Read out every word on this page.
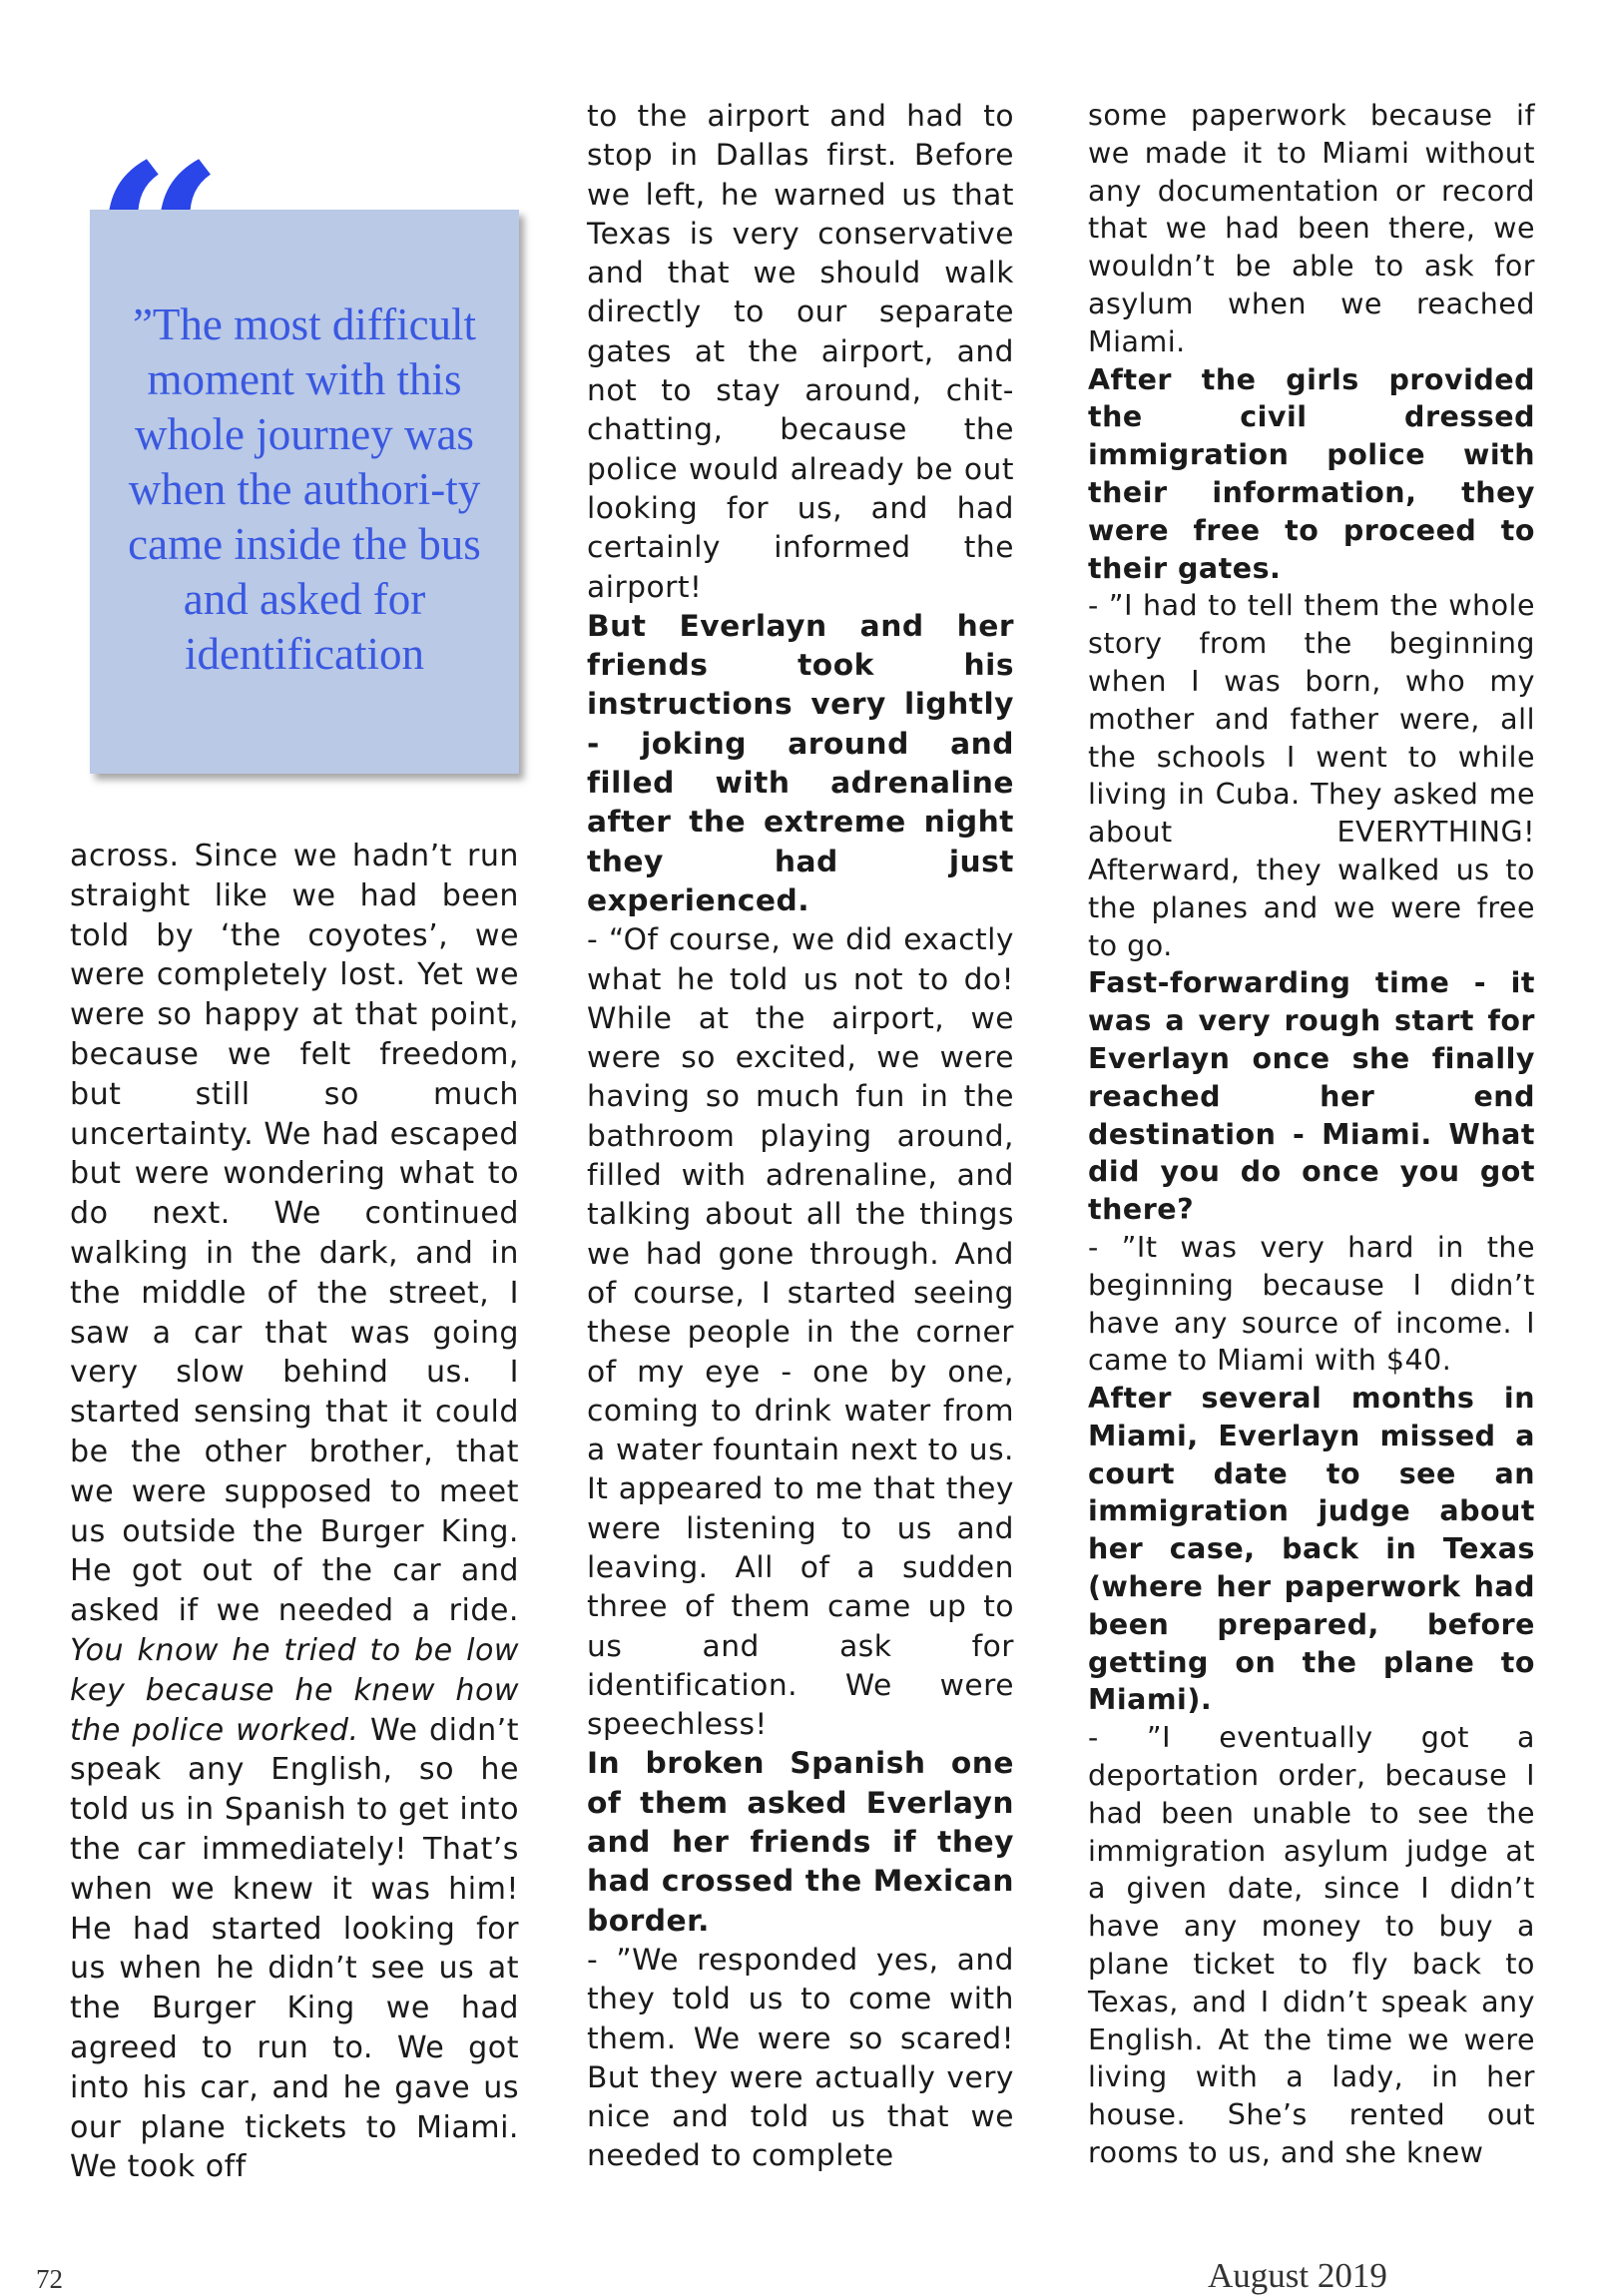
”The most difficult moment with this whole journey was when the authori-ty came inside the bus and asked for identification

across. Since we hadn’t run straight like we had been told by ‘the coyotes’, we were completely lost. Yet we were so happy at that point, because we felt freedom, but still so much uncertainty. We had escaped but were wondering what to do next. We continued walking in the dark, and in the middle of the street, I saw a car that was going very slow behind us. I started sensing that it could be the other brother, that we were supposed to meet us outside the Burger King. He got out of the car and asked if we needed a ride. You know he tried to be low key because he knew how the police worked. We didn’t speak any English, so he told us in Spanish to get into the car immediately! That’s when we knew it was him! He had started looking for us when he didn’t see us at the Burger King we had agreed to run to. We got into his car, and he gave us our plane tickets to Miami. We took off

to the airport and had to stop in Dallas first. Before we left, he warned us that Texas is very conservative and that we should walk directly to our separate gates at the airport, and not to stay around, chit-chatting, because the police would already be out looking for us, and had certainly informed the airport!

But Everlayn and her friends took his instructions very lightly - joking around and filled with adrenaline after the extreme night they had just experienced.

- “Of course, we did exactly what he told us not to do! While at the airport, we were so excited, we were having so much fun in the bathroom playing around, filled with adrenaline, and talking about all the things we had gone through. And of course, I started seeing these people in the corner of my eye - one by one, coming to drink water from a water fountain next to us. It appeared to me that they were listening to us and leaving. All of a sudden three of them came up to us and ask for identification. We were speechless!

In broken Spanish one of them asked Everlayn and her friends if they had crossed the Mexican border.

- ”We responded yes, and they told us to come with them. We were so scared! But they were actually very nice and told us that we needed to complete

some paperwork because if we made it to Miami without any documentation or record that we had been there, we wouldn’t be able to ask for asylum when we reached Miami.

After the girls provided the civil dressed immigration police with their information, they were free to proceed to their gates.

- ”I had to tell them the whole story from the beginning when I was born, who my mother and father were, all the schools I went to while living in Cuba. They asked me about EVERYTHING! Afterward, they walked us to the planes and we were free to go.

Fast-forwarding time - it was a very rough start for Everlayn once she finally reached her end destination - Miami. What did you do once you got there?

- ”It was very hard in the beginning because I didn’t have any source of income. I came to Miami with $40.

After several months in Miami, Everlayn missed a court date to see an immigration judge about her case, back in Texas (where her paperwork had been prepared, before getting on the plane to Miami).

- ”I eventually got a deportation order, because I had been unable to see the immigration asylum judge at a given date, since I didn’t have any money to buy a plane ticket to fly back to Texas, and I didn’t speak any English. At the time we were living with a lady, in her house. She’s rented out rooms to us, and she knew

72	August 2019
